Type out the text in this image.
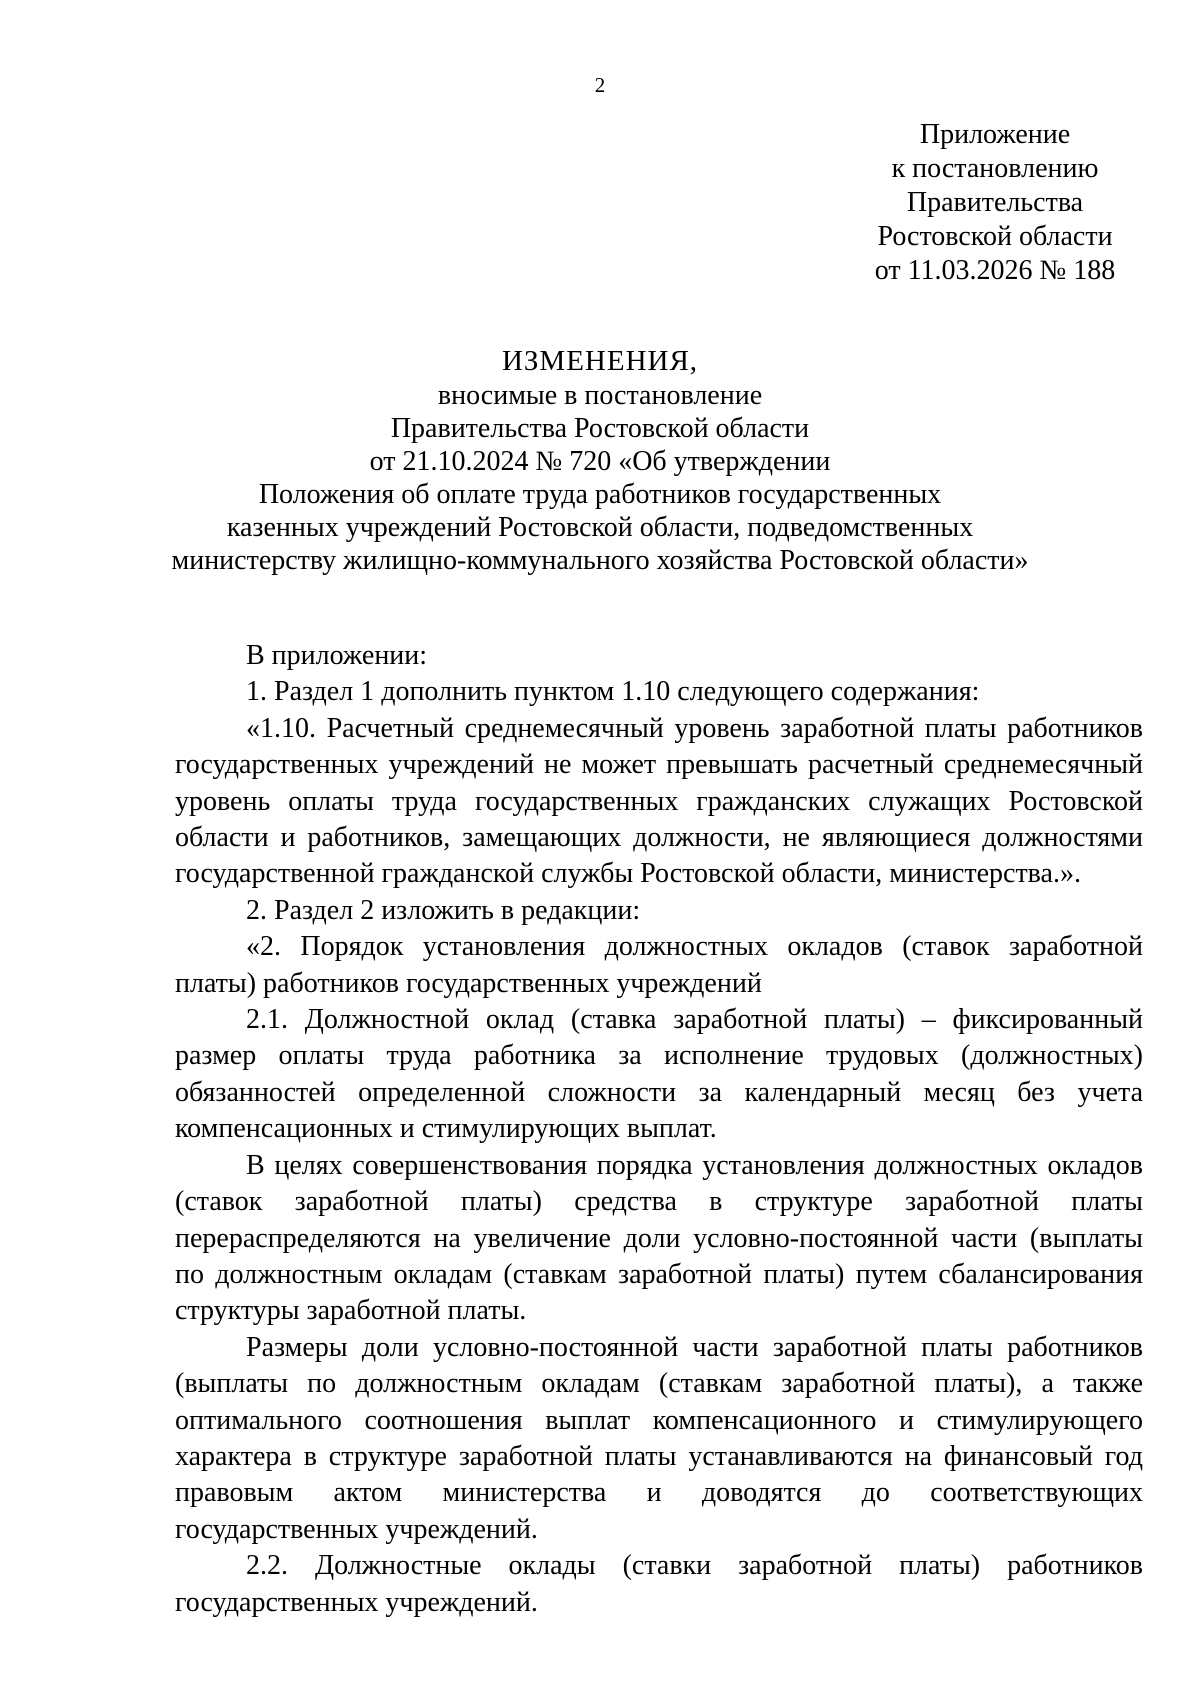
2
Приложение
к постановлению
Правительства
Ростовской области
от 11.03.2026 № 188
ИЗМЕНЕНИЯ,
вносимые в постановление
Правительства Ростовской области
от 21.10.2024 № 720 «Об утверждении
Положения об оплате труда работников государственных
казенных учреждений Ростовской области, подведомственных
министерству жилищно-коммунального хозяйства Ростовской области»

В приложении:

1. Раздел 1 дополнить пунктом 1.10 следующего содержания:

«1.10. Расчетный среднемесячный уровень заработной платы работников государственных учреждений не может превышать расчетный среднемесячный уровень оплаты труда государственных гражданских служащих Ростовской области и работников, замещающих должности, не являющиеся должностями государственной гражданской службы Ростовской области, министерства.».

2. Раздел 2 изложить в редакции:

«2. Порядок установления должностных окладов (ставок заработной платы) работников государственных учреждений

2.1. Должностной оклад (ставка заработной платы) – фиксированный размер оплаты труда работника за исполнение трудовых (должностных) обязанностей определенной сложности за календарный месяц без учета компенсационных и стимулирующих выплат.

В целях совершенствования порядка установления должностных окладов (ставок заработной платы) средства в структуре заработной платы перераспределяются на увеличение доли условно-постоянной части (выплаты по должностным окладам (ставкам заработной платы) путем сбалансирования структуры заработной платы.

Размеры доли условно-постоянной части заработной платы работников (выплаты по должностным окладам (ставкам заработной платы), а также оптимального соотношения выплат компенсационного и стимулирующего характера в структуре заработной платы устанавливаются на финансовый год правовым актом министерства и доводятся до соответствующих государственных учреждений.

2.2. Должностные оклады (ставки заработной платы) работников государственных учреждений.
